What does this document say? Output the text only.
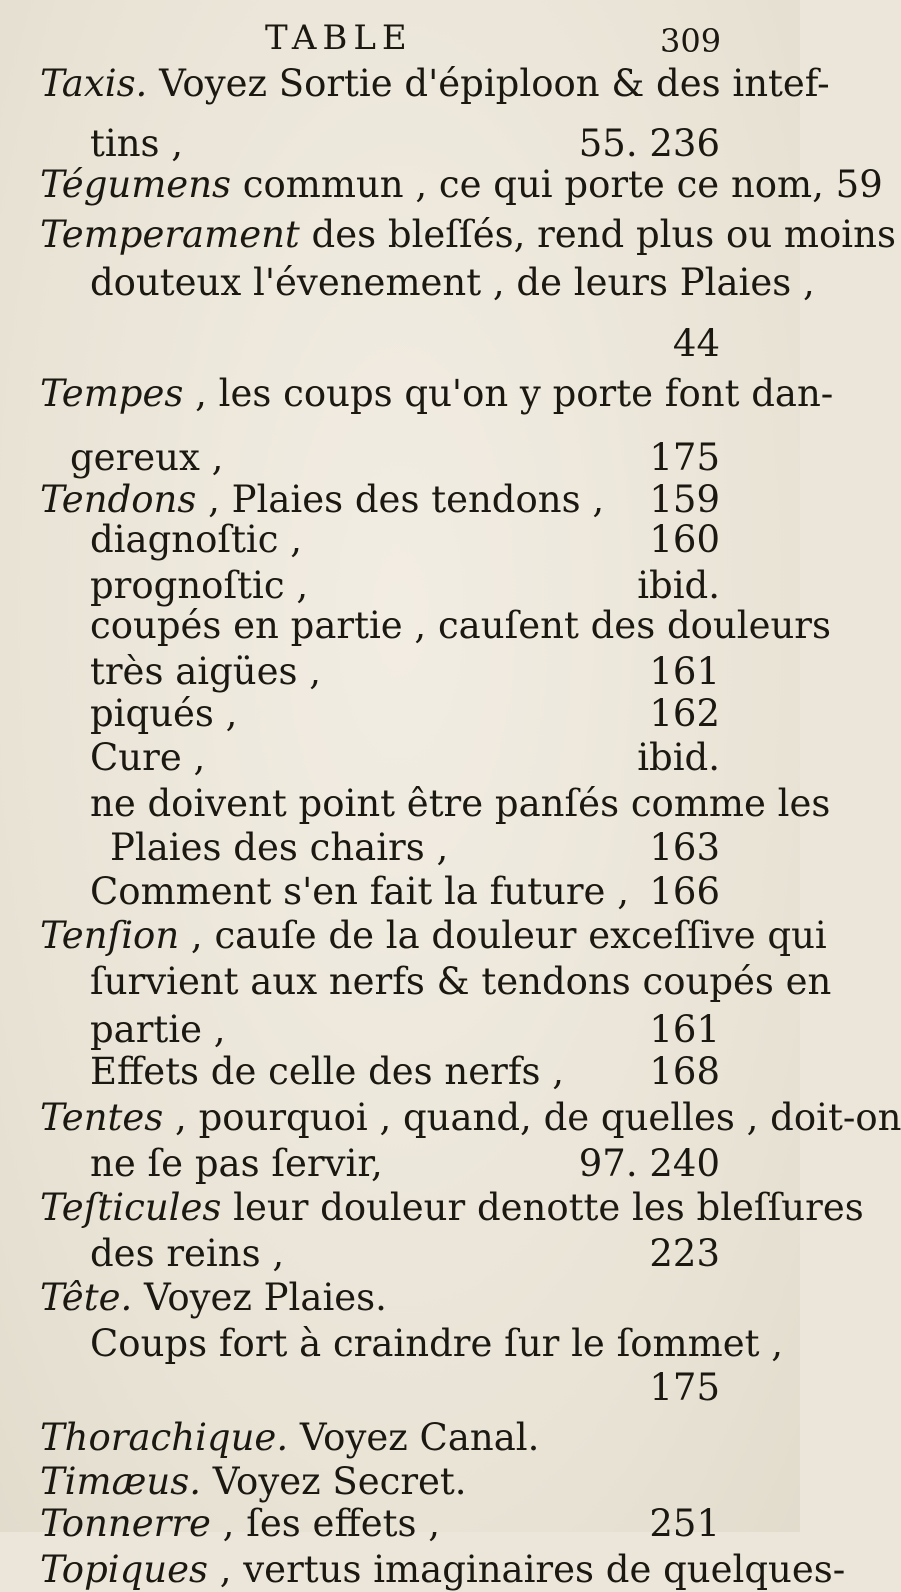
TABLE	309
Taxis. Voyez Sortie d'épiploon & des intef-
tins ,	55. 236
Tégumens commun , ce qui porte ce nom, 59
Temperament des bleſſés, rend plus ou moins
douteux l'évenement , de leurs Plaies ,
44
Tempes , les coups qu'on y porte font dan-
gereux ,	175
Tendons , Plaies des tendons , 159
diagnoſtic ,	160
prognoſtic ,	ibid.
coupés en partie , cauſent des douleurs
très aigües ,	161
piqués ,	162
Cure ,	ibid.
ne doivent point être panſés comme les
Plaies des chairs ,	163
Comment s'en fait la future , 166
Tenſion , cauſe de la douleur exceſſive qui
ſurvient aux nerfs & tendons coupés en
partie ,	161
Effets de celle des nerfs , 168
Tentes , pourquoi , quand, de quelles , doit-on
ne ſe pas ſervir,	97. 240
Teſticules leur douleur denotte les bleſſures
des reins ,	223
Tête. Voyez Plaies.
Coups fort à craindre ſur le ſommet ,
175
Thorachique. Voyez Canal.
Timæus. Voyez Secret.
Tonnerre , ſes effets ,	251
Topiques , vertus imaginaires de quelques-
